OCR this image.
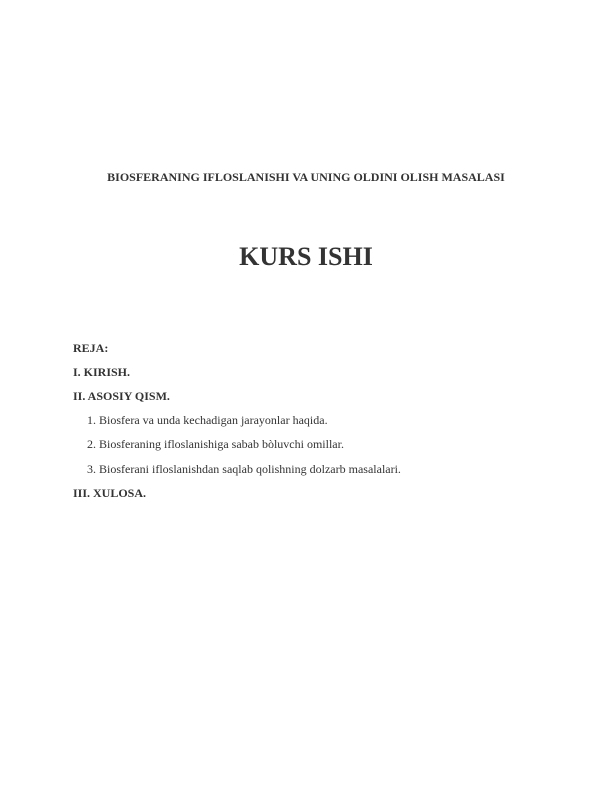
BIOSFERANING IFLOSLANISHI VA UNING OLDINI OLISH MASALASI
KURS ISHI
REJA:
I. KIRISH.
II. ASOSIY QISM.
1. Biosfera va unda kechadigan jarayonlar haqida.
2. Biosferaning ifloslanishiga sabab bòluvchi omillar.
3. Biosferani ifloslanishdan saqlab qolishning dolzarb masalalari.
III. XULOSA.
